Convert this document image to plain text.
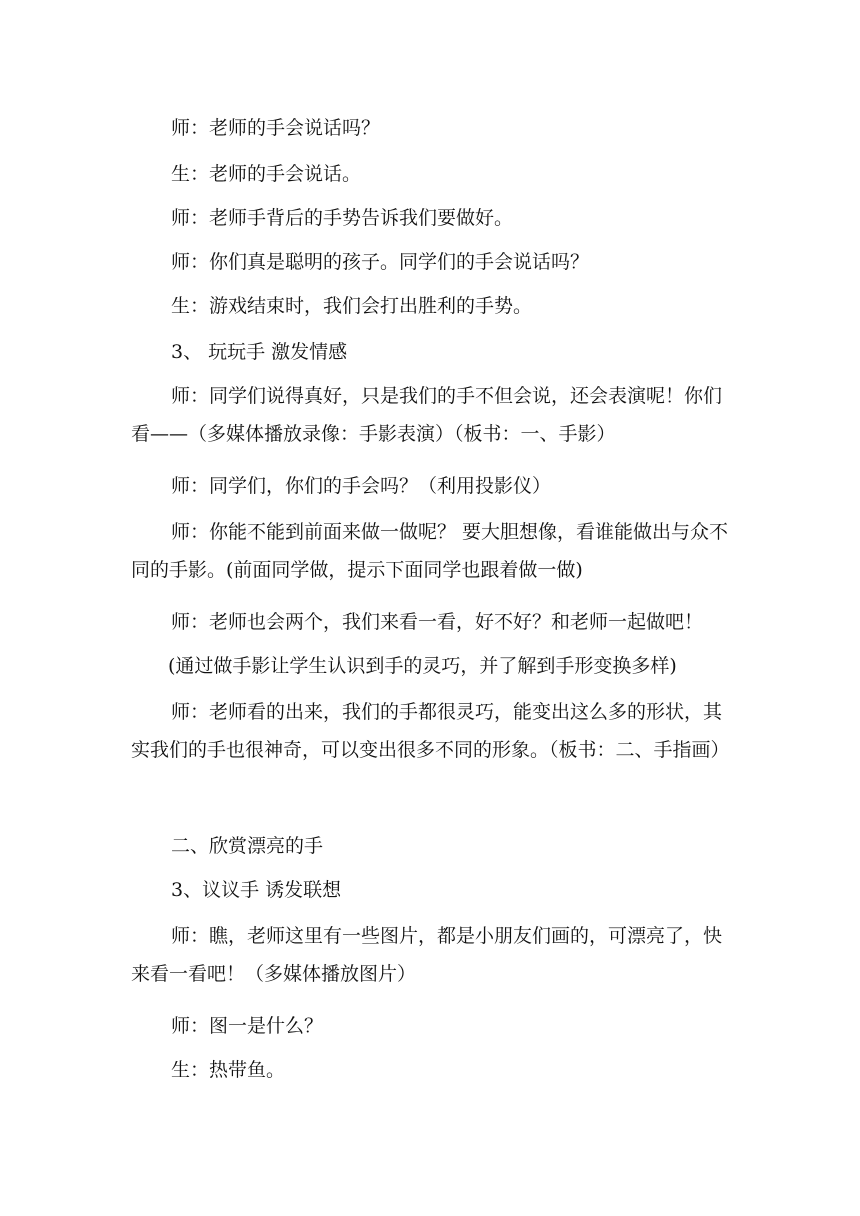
师：老师的手会说话吗？

生：老师的手会说话。

师：老师手背后的手势告诉我们要做好。

师：你们真是聪明的孩子。同学们的手会说话吗？

生：游戏结束时，我们会打出胜利的手势。

3、 玩玩手 激发情感

师：同学们说得真好，只是我们的手不但会说，还会表演呢！你们看——（多媒体播放录像：手影表演）（板书：一、手影）

师：同学们，你们的手会吗？（利用投影仪）

师：你能不能到前面来做一做呢？ 要大胆想像，看谁能做出与众不同的手影。(前面同学做，提示下面同学也跟着做一做)

师：老师也会两个，我们来看一看，好不好？和老师一起做吧！

(通过做手影让学生认识到手的灵巧，并了解到手形变换多样)

师：老师看的出来，我们的手都很灵巧，能变出这么多的形状，其实我们的手也很神奇，可以变出很多不同的形象。（板书：二、手指画）

二、欣赏漂亮的手

3、议议手 诱发联想

师：瞧，老师这里有一些图片，都是小朋友们画的，可漂亮了，快来看一看吧！（多媒体播放图片）

师：图一是什么？

生：热带鱼。
